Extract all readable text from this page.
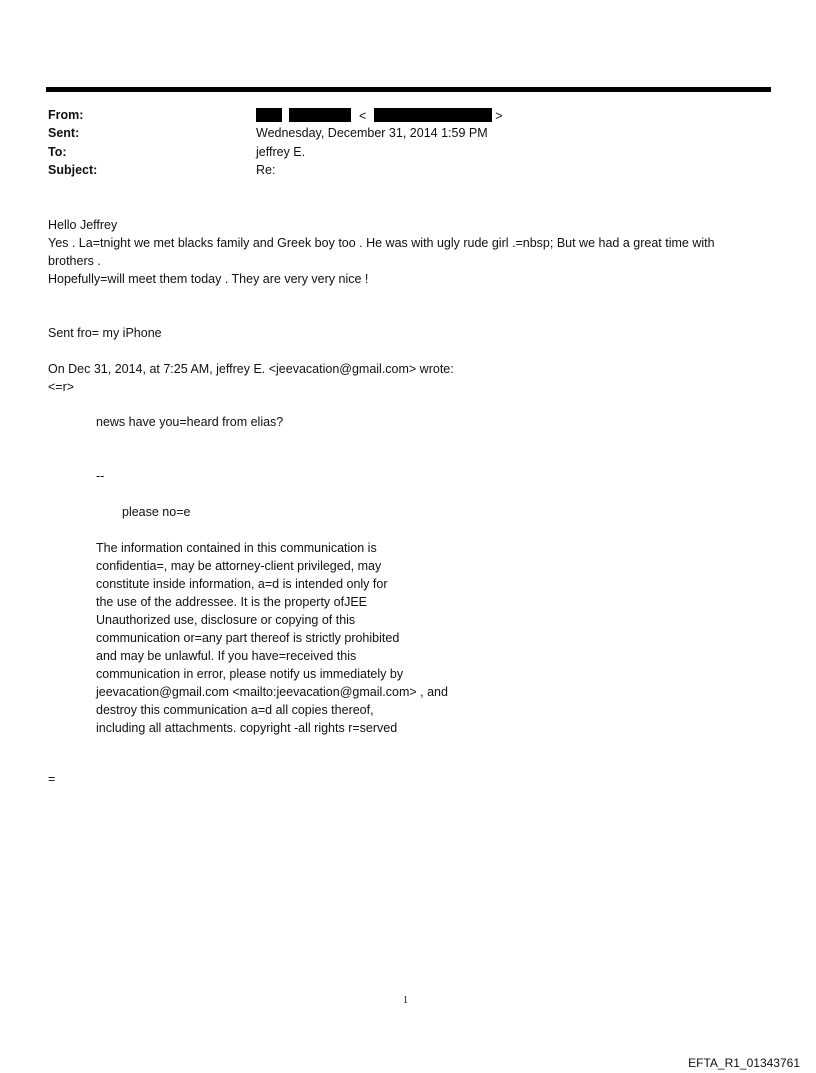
From:	<	>
Sent:	Wednesday, December 31, 2014 1:59 PM
To:	jeffrey E.
Subject:	Re:
Hello Jeffrey
Yes . La=tnight we met blacks family and Greek boy too . He was with ugly rude girl .=nbsp; But we had a great time with
brothers .
Hopefully=will meet them today . They are very very nice !
Sent fro= my iPhone
On Dec 31, 2014, at 7:25 AM, jeffrey E. <jeevacation@gmail.com> wrote:
<=r>
news have you=heard from elias?
--
please no=e
The information contained in this communication is
confidentia=, may be attorney-client privileged, may
constitute inside information, a=d is intended only for
the use of the addressee. It is the property ofJEE
Unauthorized use, disclosure or copying of this
communication or=any part thereof is strictly prohibited
and may be unlawful. If you have=received this
communication in error, please notify us immediately by
jeevacation@gmail.com <mailto:jeevacation@gmail.com> , and
destroy this communication a=d all copies thereof,
including all attachments. copyright -all rights r=served
=
1
EFTA_R1_01343761
